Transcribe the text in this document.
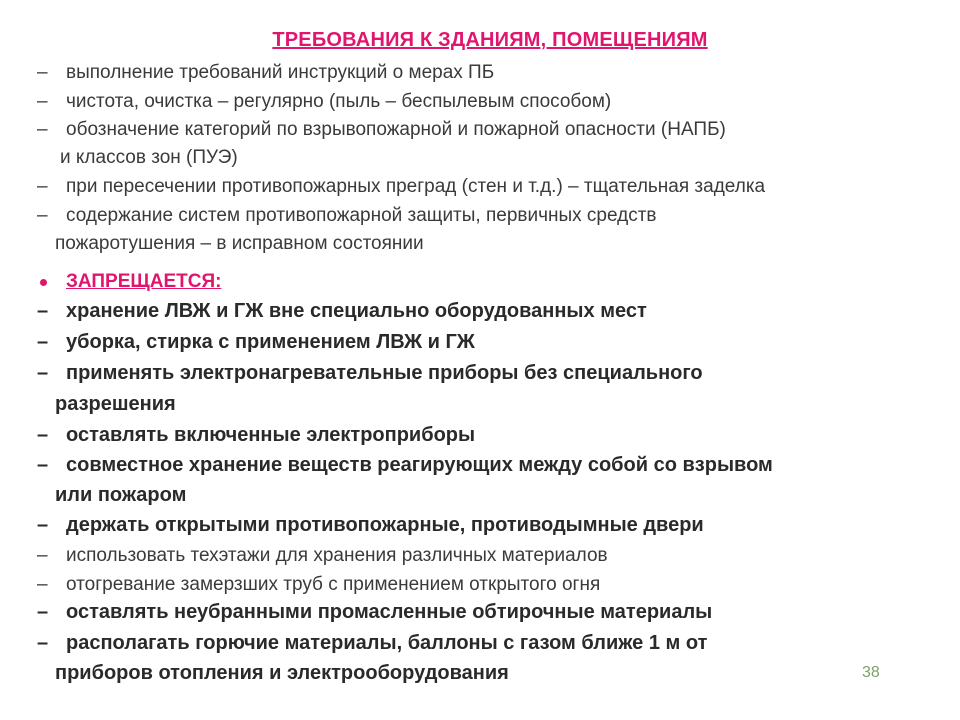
ТРЕБОВАНИЯ К ЗДАНИЯМ, ПОМЕЩЕНИЯМ
– выполнение требований инструкций о мерах ПБ
– чистота, очистка – регулярно (пыль – беспылевым способом)
– обозначение категорий по взрывопожарной и пожарной опасности (НАПБ)
и классов зон (ПУЭ)
– при пересечении противопожарных преград (стен и т.д.) – тщательная заделка
– содержание систем противопожарной защиты, первичных средств
пожаротушения – в исправном состоянии
ЗАПРЕЩАЕТСЯ:
– хранение ЛВЖ и ГЖ вне специально оборудованных мест
– уборка, стирка с применением ЛВЖ и ГЖ
– применять электронагревательные приборы без специального
разрешения
– оставлять включенные электроприборы
– совместное хранение веществ реагирующих между собой со взрывом
или пожаром
– держать открытыми противопожарные, противодымные двери
– использовать техэтажи для хранения различных материалов
– отогревание замерзших труб с применением открытого огня
– оставлять неубранными промасленные обтирочные материалы
– располагать горючие материалы, баллоны с газом ближе 1 м от
приборов отопления и электрооборудования	38
